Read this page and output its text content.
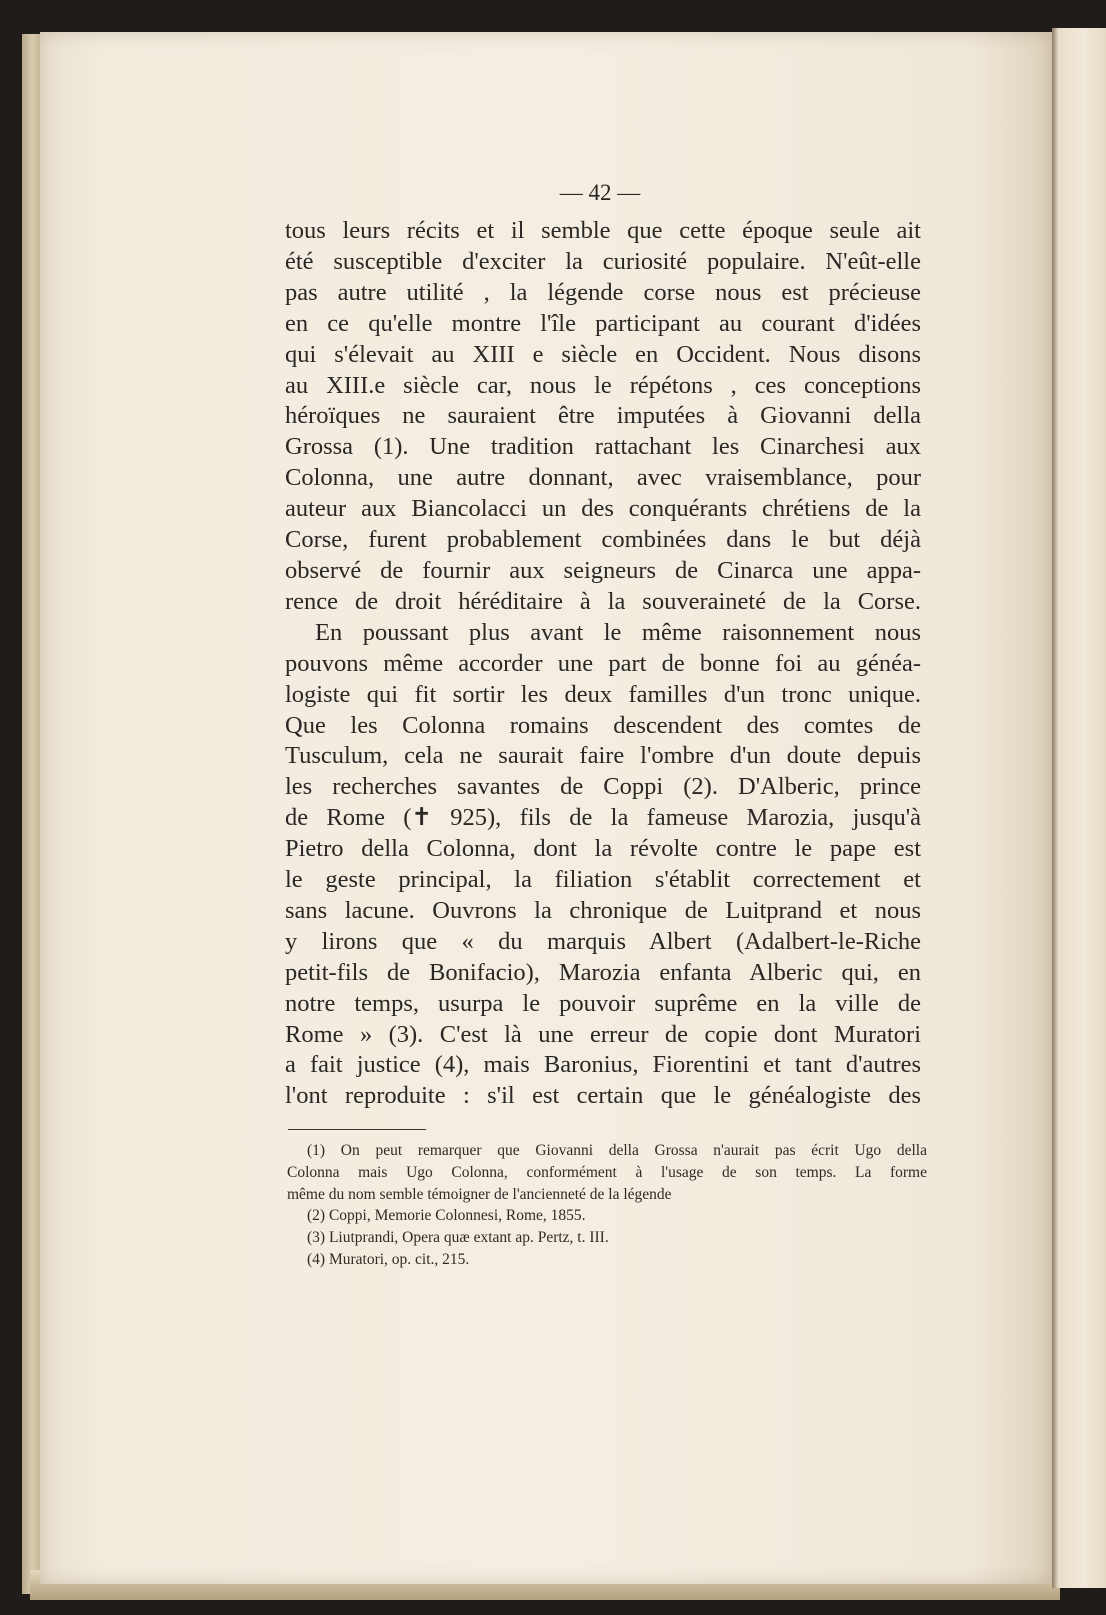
— 42 —
tous leurs récits et il semble que cette époque seule ait
été susceptible d'exciter la curiosité populaire. N'eût-elle
pas autre utilité , la légende corse nous est précieuse
en ce qu'elle montre l'île participant au courant d'idées
qui s'élevait au XIII e siècle en Occident. Nous disons
au XIII.e siècle car, nous le répétons , ces conceptions
héroïques ne sauraient être imputées à Giovanni della
Grossa (1). Une tradition rattachant les Cinarchesi aux
Colonna, une autre donnant, avec vraisemblance, pour
auteur aux Biancolacci un des conquérants chrétiens de la
Corse, furent probablement combinées dans le but déjà
observé de fournir aux seigneurs de Cinarca une appa-
rence de droit héréditaire à la souveraineté de la Corse.
En poussant plus avant le même raisonnement nous
pouvons même accorder une part de bonne foi au généa-
logiste qui fit sortir les deux familles d'un tronc unique.
Que les Colonna romains descendent des comtes de
Tusculum, cela ne saurait faire l'ombre d'un doute depuis
les recherches savantes de Coppi (2). D'Alberic, prince
de Rome (✝ 925), fils de la fameuse Marozia, jusqu'à
Pietro della Colonna, dont la révolte contre le pape est
le geste principal, la filiation s'établit correctement et
sans lacune. Ouvrons la chronique de Luitprand et nous
y lirons que « du marquis Albert (Adalbert-le-Riche
petit-fils de Bonifacio), Marozia enfanta Alberic qui, en
notre temps, usurpa le pouvoir suprême en la ville de
Rome » (3). C'est là une erreur de copie dont Muratori
a fait justice (4), mais Baronius, Fiorentini et tant d'autres
l'ont reproduite : s'il est certain que le généalogiste des
(1) On peut remarquer que Giovanni della Grossa n'aurait pas écrit Ugo della
Colonna mais Ugo Colonna, conformément à l'usage de son temps. La forme
même du nom semble témoigner de l'ancienneté de la légende
(2) Coppi, Memorie Colonnesi, Rome, 1855.
(3) Liutprandi, Opera quæ extant ap. Pertz, t. III.
(4) Muratori, op. cit., 215.
